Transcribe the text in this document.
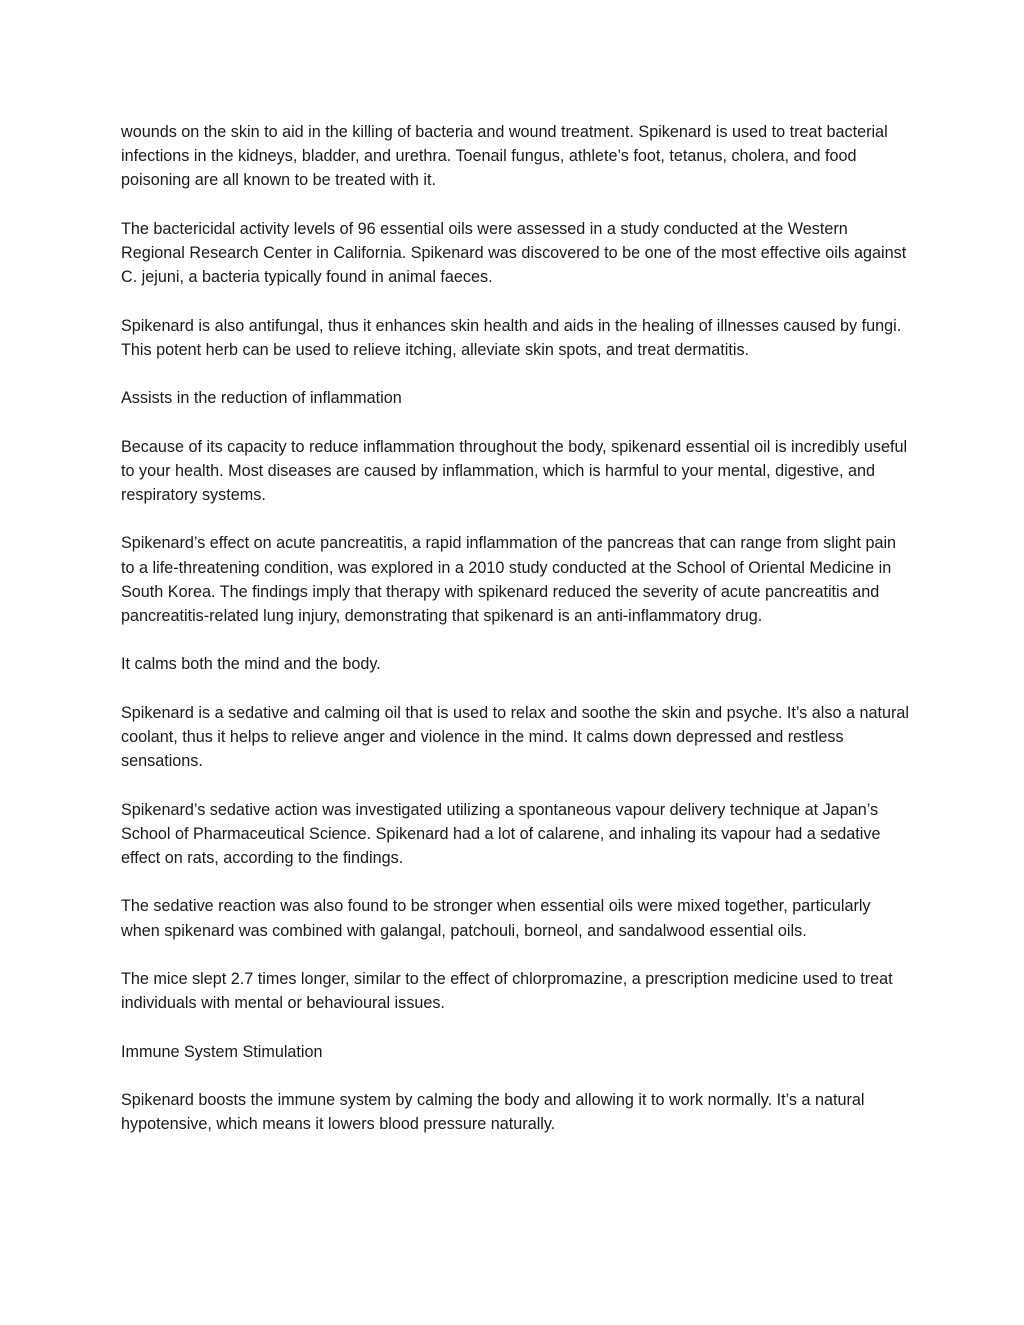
wounds on the skin to aid in the killing of bacteria and wound treatment. Spikenard is used to treat bacterial infections in the kidneys, bladder, and urethra. Toenail fungus, athlete’s foot, tetanus, cholera, and food poisoning are all known to be treated with it.

The bactericidal activity levels of 96 essential oils were assessed in a study conducted at the Western Regional Research Center in California. Spikenard was discovered to be one of the most effective oils against C. jejuni, a bacteria typically found in animal faeces.

Spikenard is also antifungal, thus it enhances skin health and aids in the healing of illnesses caused by fungi. This potent herb can be used to relieve itching, alleviate skin spots, and treat dermatitis.

Assists in the reduction of inflammation

Because of its capacity to reduce inflammation throughout the body, spikenard essential oil is incredibly useful to your health. Most diseases are caused by inflammation, which is harmful to your mental, digestive, and respiratory systems.

Spikenard’s effect on acute pancreatitis, a rapid inflammation of the pancreas that can range from slight pain to a life-threatening condition, was explored in a 2010 study conducted at the School of Oriental Medicine in South Korea. The findings imply that therapy with spikenard reduced the severity of acute pancreatitis and pancreatitis-related lung injury, demonstrating that spikenard is an anti-inflammatory drug.

It calms both the mind and the body.

Spikenard is a sedative and calming oil that is used to relax and soothe the skin and psyche. It’s also a natural coolant, thus it helps to relieve anger and violence in the mind. It calms down depressed and restless sensations.

Spikenard’s sedative action was investigated utilizing a spontaneous vapour delivery technique at Japan’s School of Pharmaceutical Science. Spikenard had a lot of calarene, and inhaling its vapour had a sedative effect on rats, according to the findings.

The sedative reaction was also found to be stronger when essential oils were mixed together, particularly when spikenard was combined with galangal, patchouli, borneol, and sandalwood essential oils.

The mice slept 2.7 times longer, similar to the effect of chlorpromazine, a prescription medicine used to treat individuals with mental or behavioural issues.

Immune System Stimulation

Spikenard boosts the immune system by calming the body and allowing it to work normally. It’s a natural hypotensive, which means it lowers blood pressure naturally.
